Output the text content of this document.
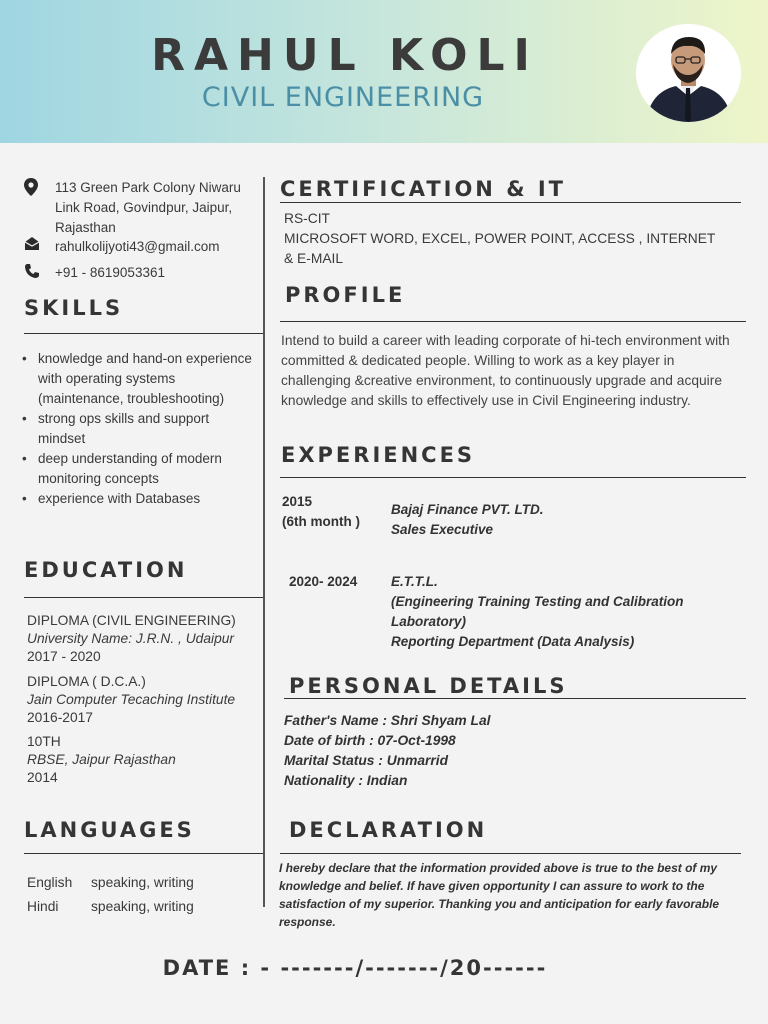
RAHUL KOLI
CIVIL ENGINEERING
113 Green Park Colony Niwaru Link Road, Govindpur, Jaipur, Rajasthan
rahulkolijyoti43@gmail.com
+91 - 8619053361
SKILLS
• knowledge and hand-on experience with operating systems (maintenance, troubleshooting)
• strong ops skills and support mindset
• deep understanding of modern monitoring concepts
• experience with Databases
EDUCATION
DIPLOMA (CIVIL ENGINEERING)
University Name: J.R.N. , Udaipur
2017 - 2020
DIPLOMA ( D.C.A.)
Jain Computer Tecaching Institute
2016-2017
10TH
RBSE, Jaipur Rajasthan
2014
LANGUAGES
English	speaking, writing
Hindi	speaking, writing
CERTIFICATION & IT
RS-CIT
MICROSOFT WORD, EXCEL, POWER POINT, ACCESS , INTERNET & E-MAIL
PROFILE
Intend to build a career with leading corporate of hi-tech environment with committed & dedicated people. Willing to work as a key player in challenging &creative environment, to continuously upgrade and acquire knowledge and skills to effectively use in Civil Engineering industry.
EXPERIENCES
2015
(6th month )
Bajaj Finance PVT. LTD.
Sales Executive
2020- 2024 E.T.T.L.
(Engineering Training Testing and Calibration Laboratory)
Reporting Department (Data Analysis)
PERSONAL DETAILS
Father's Name : Shri Shyam Lal
Date of birth : 07-Oct-1998
Marital Status : Unmarrid
Nationality : Indian
DECLARATION
I hereby declare that the information provided above is true to the best of my knowledge and belief. If have given opportunity I can assure to work to the satisfaction of my superior. Thanking you and anticipation for early favorable response.
DATE : - -------/-------/20------
